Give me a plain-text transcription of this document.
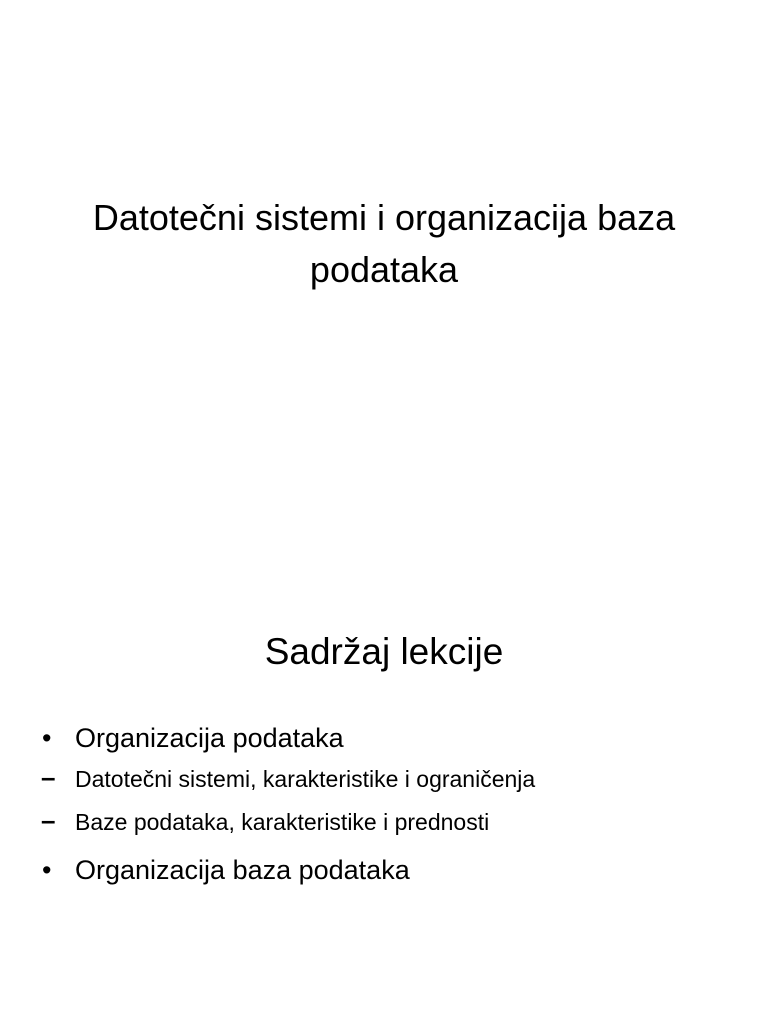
Datotečni sistemi i organizacija baza podataka
Sadržaj lekcije
• Organizacija podataka
– Datotečni sistemi, karakteristike i ograničenja
– Baze podataka, karakteristike i prednosti
• Organizacija baza podataka
